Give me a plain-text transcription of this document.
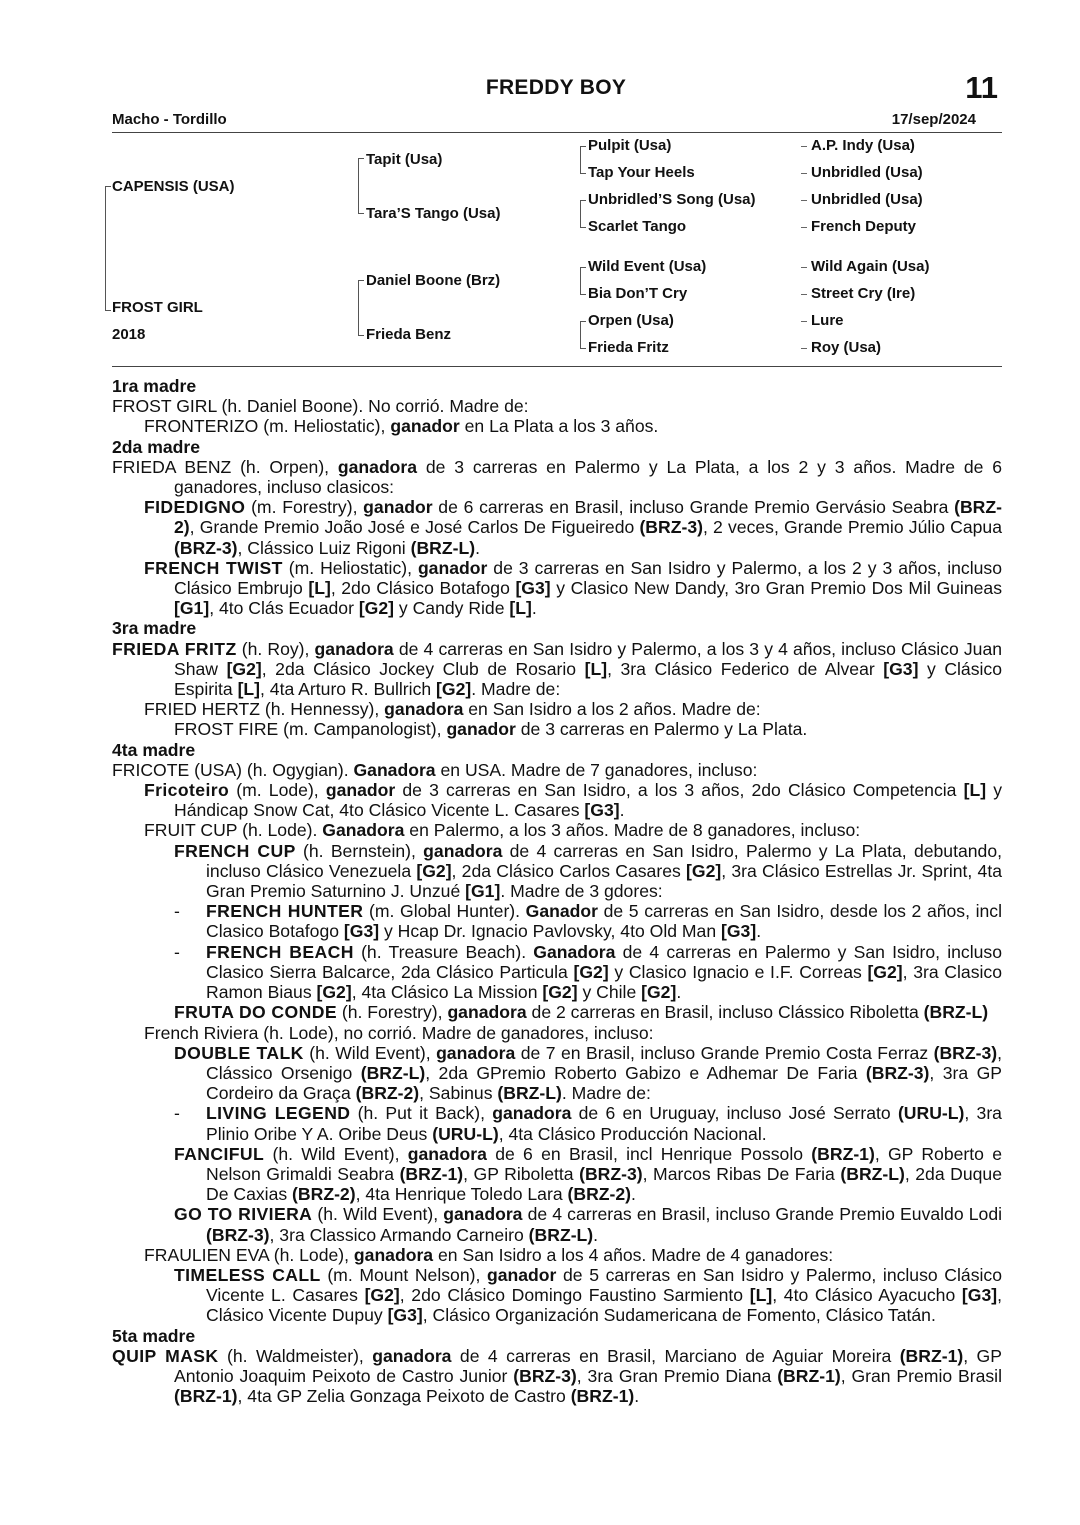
FREDDY BOY	11
Macho - Tordillo	17/sep/2024
CAPENSIS (USA)
FROST GIRL
2018
Tapit (Usa)
Tara’S Tango (Usa)
Daniel Boone (Brz)
Frieda Benz
Pulpit (Usa)
Tap Your Heels
Unbridled’S Song (Usa)
Scarlet Tango
Wild Event (Usa)
Bia Don’T Cry
Orpen (Usa)
Frieda Fritz
A.P. Indy (Usa)
Unbridled (Usa)
Unbridled (Usa)
French Deputy
Wild Again (Usa)
Street Cry (Ire)
Lure
Roy (Usa)
1ra madre
FROST GIRL (h. Daniel Boone). No corrió. Madre de:
FRONTERIZO (m. Heliostatic), ganador en La Plata a los 3 años.
2da madre
FRIEDA BENZ (h. Orpen), ganadora de 3 carreras en Palermo y La Plata, a los 2 y 3 años. Madre de 6 ganadores, incluso clasicos:
FIDEDIGNO (m. Forestry), ganador de 6 carreras en Brasil, incluso Grande Premio Gervásio Seabra (BRZ-2), Grande Premio João José e José Carlos De Figueiredo (BRZ-3), 2 veces, Grande Premio Júlio Capua (BRZ-3), Clássico Luiz Rigoni (BRZ-L).
FRENCH TWIST (m. Heliostatic), ganador de 3 carreras en San Isidro y Palermo, a los 2 y 3 años, incluso Clásico Embrujo [L], 2do Clásico Botafogo [G3] y Clasico New Dandy, 3ro Gran Premio Dos Mil Guineas [G1], 4to Clás Ecuador [G2] y Candy Ride [L].
3ra madre
FRIEDA FRITZ (h. Roy), ganadora de 4 carreras en San Isidro y Palermo, a los 3 y 4 años, incluso Clásico Juan Shaw [G2], 2da Clásico Jockey Club de Rosario [L], 3ra Clásico Federico de Alvear [G3] y Clásico Espirita [L], 4ta Arturo R. Bullrich [G2]. Madre de:
FRIED HERTZ (h. Hennessy), ganadora en San Isidro a los 2 años. Madre de:
FROST FIRE (m. Campanologist), ganador de 3 carreras en Palermo y La Plata.
4ta madre
FRICOTE (USA) (h. Ogygian). Ganadora en USA. Madre de 7 ganadores, incluso:
Fricoteiro (m. Lode), ganador de 3 carreras en San Isidro, a los 3 años, 2do Clásico Competencia [L] y Hándicap Snow Cat, 4to Clásico Vicente L. Casares [G3].
FRUIT CUP (h. Lode). Ganadora en Palermo, a los 3 años. Madre de 8 ganadores, incluso:
FRENCH CUP (h. Bernstein), ganadora de 4 carreras en San Isidro, Palermo y La Plata, debutando, incluso Clásico Venezuela [G2], 2da Clásico Carlos Casares [G2], 3ra Clásico Estrellas Jr. Sprint, 4ta Gran Premio Saturnino J. Unzué [G1]. Madre de 3 gdores:
- FRENCH HUNTER (m. Global Hunter). Ganador de 5 carreras en San Isidro, desde los 2 años, incl Clasico Botafogo [G3] y Hcap Dr. Ignacio Pavlovsky, 4to Old Man [G3].
- FRENCH BEACH (h. Treasure Beach). Ganadora de 4 carreras en Palermo y San Isidro, incluso Clasico Sierra Balcarce, 2da Clásico Particula [G2] y Clasico Ignacio e I.F. Correas [G2], 3ra Clasico Ramon Biaus [G2], 4ta Clásico La Mission [G2] y Chile [G2].
FRUTA DO CONDE (h. Forestry), ganadora de 2 carreras en Brasil, incluso Clássico Riboletta (BRZ-L)
French Riviera (h. Lode), no corrió. Madre de ganadores, incluso:
DOUBLE TALK (h. Wild Event), ganadora de 7 en Brasil, incluso Grande Premio Costa Ferraz (BRZ-3), Clássico Orsenigo (BRZ-L), 2da GPremio Roberto Gabizo e Adhemar De Faria (BRZ-3), 3ra GP Cordeiro da Graça (BRZ-2), Sabinus (BRZ-L). Madre de:
- LIVING LEGEND (h. Put it Back), ganadora de 6 en Uruguay, incluso José Serrato (URU-L), 3ra Plinio Oribe Y A. Oribe Deus (URU-L), 4ta Clásico Producción Nacional.
FANCIFUL (h. Wild Event), ganadora de 6 en Brasil, incl Henrique Possolo (BRZ-1), GP Roberto e Nelson Grimaldi Seabra (BRZ-1), GP Riboletta (BRZ-3), Marcos Ribas De Faria (BRZ-L), 2da Duque De Caxias (BRZ-2), 4ta Henrique Toledo Lara (BRZ-2).
GO TO RIVIERA (h. Wild Event), ganadora de 4 carreras en Brasil, incluso Grande Premio Euvaldo Lodi (BRZ-3), 3ra Classico Armando Carneiro (BRZ-L).
FRAULIEN EVA (h. Lode), ganadora en San Isidro a los 4 años. Madre de 4 ganadores:
TIMELESS CALL (m. Mount Nelson), ganador de 5 carreras en San Isidro y Palermo, incluso Clásico Vicente L. Casares [G2], 2do Clásico Domingo Faustino Sarmiento [L], 4to Clásico Ayacucho [G3], Clásico Vicente Dupuy [G3], Clásico Organización Sudamericana de Fomento, Clásico Tatán.
5ta madre
QUIP MASK (h. Waldmeister), ganadora de 4 carreras en Brasil, Marciano de Aguiar Moreira (BRZ-1), GP Antonio Joaquim Peixoto de Castro Junior (BRZ-3), 3ra Gran Premio Diana (BRZ-1), Gran Premio Brasil (BRZ-1), 4ta GP Zelia Gonzaga Peixoto de Castro (BRZ-1).
